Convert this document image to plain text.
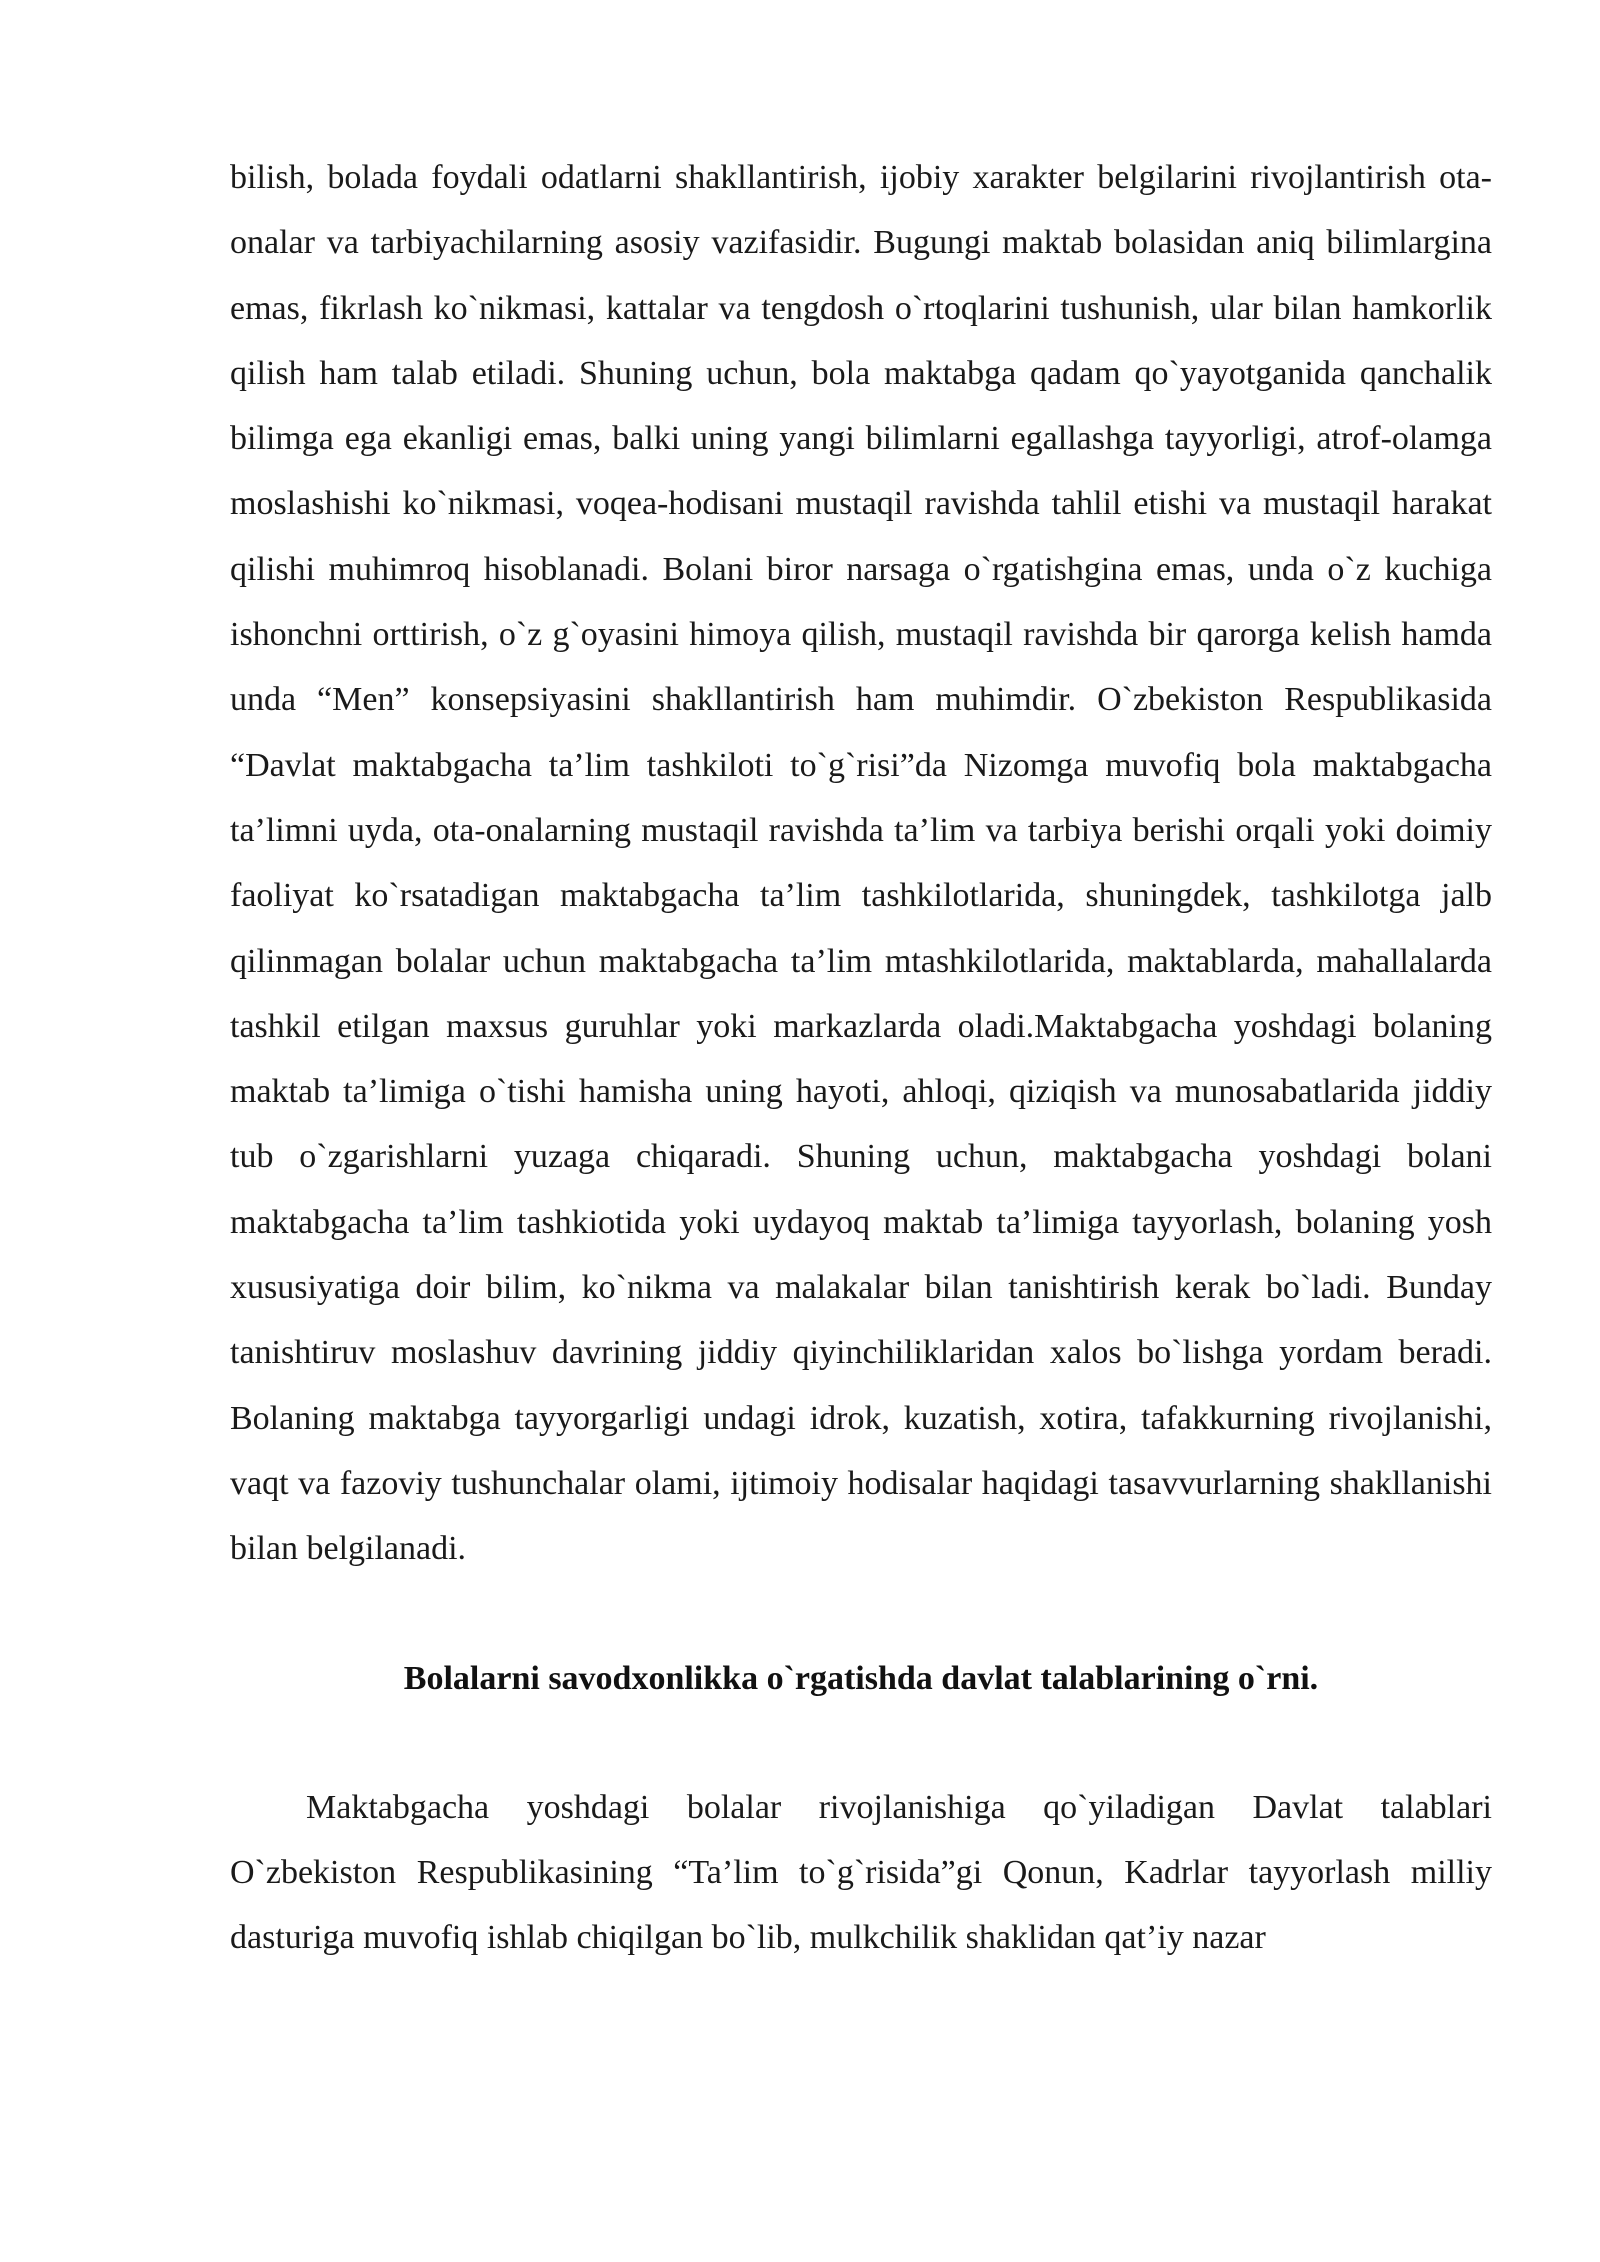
bilish, bolada foydali odatlarni shakllantirish, ijobiy xarakter belgilarini rivojlantirish ota-onalar va tarbiyachilarning asosiy vazifasidir. Bugungi maktab bolasidan aniq bilimlargina emas, fikrlash ko`nikmasi, kattalar va tengdosh o`rtoqlarini tushunish, ular bilan hamkorlik qilish ham talab etiladi. Shuning uchun, bola maktabga qadam qo`yayotganida qanchalik bilimga ega ekanligi emas, balki uning yangi bilimlarni egallashga tayyorligi, atrof-olamga moslashishi ko`nikmasi, voqea-hodisani mustaqil ravishda tahlil etishi va mustaqil harakat qilishi muhimroq hisoblanadi. Bolani biror narsaga o`rgatishgina emas, unda o`z kuchiga ishonchni orttirish, o`z g`oyasini himoya qilish, mustaqil ravishda bir qarorga kelish hamda unda “Men” konsepsiyasini shakllantirish ham muhimdir. O`zbekiston Respublikasida “Davlat maktabgacha ta’lim tashkiloti to`g`risi”da Nizomga muvofiq bola maktabgacha ta’limni uyda, ota-onalarning mustaqil ravishda ta’lim va tarbiya berishi orqali yoki doimiy faoliyat ko`rsatadigan maktabgacha ta’lim tashkilotlarida, shuningdek, tashkilotga jalb qilinmagan bolalar uchun maktabgacha ta’lim mtashkilotlarida, maktablarda, mahallalarda tashkil etilgan maxsus guruhlar yoki markazlarda oladi.Maktabgacha yoshdagi bolaning maktab ta’limiga o`tishi hamisha uning hayoti, ahloqi, qiziqish va munosabatlarida jiddiy tub o`zgarishlarni yuzaga chiqaradi. Shuning uchun, maktabgacha yoshdagi bolani maktabgacha ta’lim tashkiotida yoki uydayoq maktab ta’limiga tayyorlash, bolaning yosh xususiyatiga doir bilim, ko`nikma va malakalar bilan tanishtirish kerak bo`ladi. Bunday tanishtiruv moslashuv davrining jiddiy qiyinchiliklaridan xalos bo`lishga yordam beradi. Bolaning maktabga tayyorgarligi undagi idrok, kuzatish, xotira, tafakkurning rivojlanishi, vaqt va fazoviy tushunchalar olami, ijtimoiy hodisalar haqidagi tasavvurlarning shakllanishi bilan belgilanadi.

Bolalarni savodxonlikka o`rgatishda davlat talablarining o`rni.

Maktabgacha yoshdagi bolalar rivojlanishiga qo`yiladigan Davlat talablari O`zbekiston Respublikasining “Ta’lim to`g`risida”gi Qonun, Kadrlar tayyorlash milliy dasturiga muvofiq ishlab chiqilgan bo`lib, mulkchilik shaklidan qat’iy nazar
